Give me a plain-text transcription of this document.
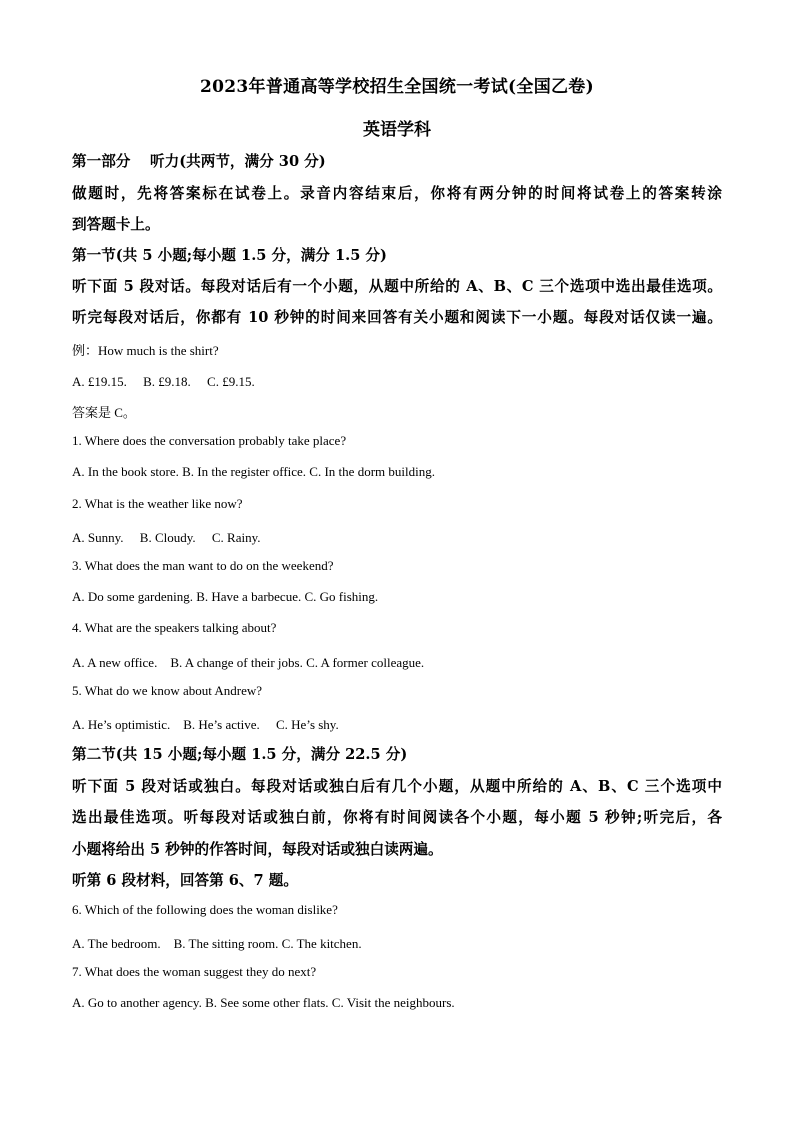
2023年普通高等学校招生全国统一考试(全国乙卷)
英语学科
第一部分　 听力(共两节，满分 30 分)
做题时，先将答案标在试卷上。录音内容结束后，你将有两分钟的时间将试卷上的答案转涂
到答题卡上。
第一节(共 5 小题;每小题 1.5 分，满分 1.5 分)
听下面 5 段对话。每段对话后有一个小题，从题中所给的 A、B、C 三个选项中选出最佳选项。
听完每段对话后，你都有 10 秒钟的时间来回答有关小题和阅读下一小题。每段对话仅读一遍。
例：How much is the shirt?
A. £19.15.　 B. £9.18.　 C. £9.15.
答案是 C。
1. Where does the conversation probably take place?
A. In the book store. B. In the register office. C. In the dorm building.
2. What is the weather like now?
A. Sunny.　 B. Cloudy.　 C. Rainy.
3. What does the man want to do on the weekend?
A. Do some gardening. B. Have a barbecue. C. Go fishing.
4. What are the speakers talking about?
A. A new office.　B. A change of their jobs. C. A former colleague.
5. What do we know about Andrew?
A. He’s optimistic.　B. He’s active.　 C. He’s shy.
第二节(共 15 小题;每小题 1.5 分，满分 22.5 分)
听下面 5 段对话或独白。每段对话或独白后有几个小题，从题中所给的 A、B、C 三个选项中
选出最佳选项。听每段对话或独白前，你将有时间阅读各个小题，每小题 5 秒钟;听完后，各
小题将给出 5 秒钟的作答时间，每段对话或独白读两遍。
听第 6 段材料，回答第 6、7 题。
6. Which of the following does the woman dislike?
A. The bedroom.　B. The sitting room. C. The kitchen.
7. What does the woman suggest they do next?
A. Go to another agency. B. See some other flats. C. Visit the neighbours.
